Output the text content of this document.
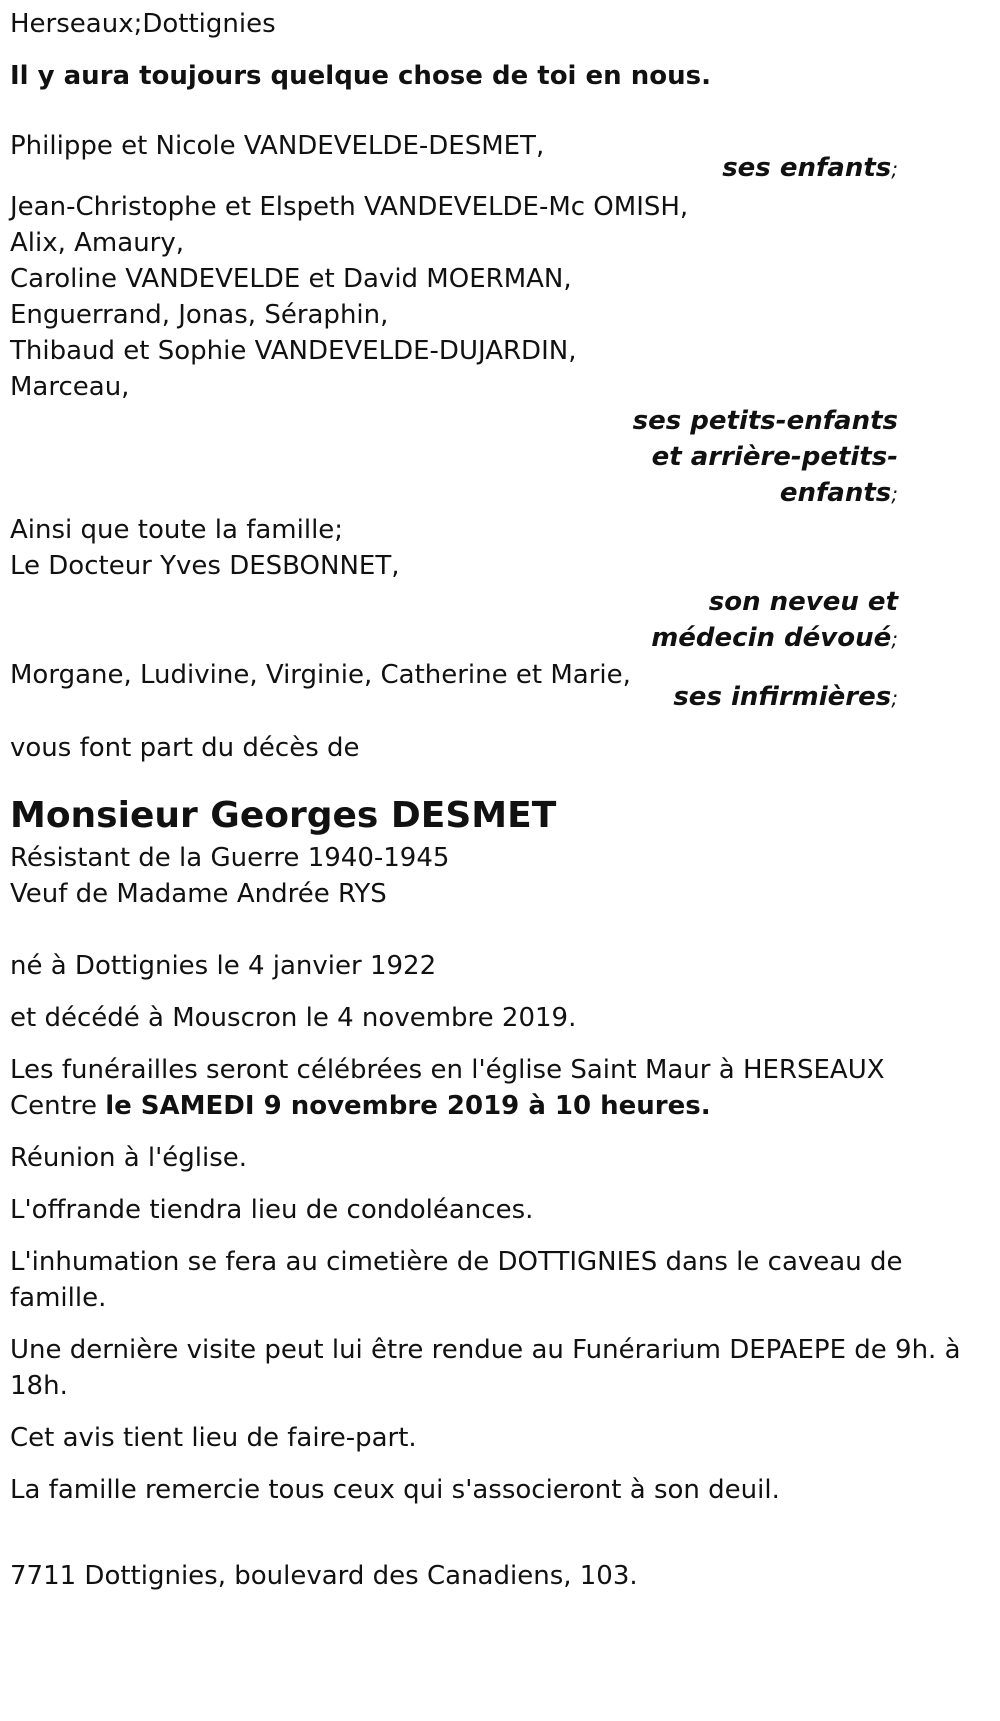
Herseaux;Dottignies

Il y aura toujours quelque chose de toi en nous.

Philippe et Nicole VANDEVELDE-DESMET,

ses enfants;

Jean-Christophe et Elspeth VANDEVELDE-Mc OMISH,

Alix, Amaury,

Caroline VANDEVELDE et David MOERMAN,

Enguerrand, Jonas, Séraphin,

Thibaud et Sophie VANDEVELDE-DUJARDIN,

Marceau,

ses petits-enfants

et arrière-petits-

enfants;

Ainsi que toute la famille;

Le Docteur Yves DESBONNET,

son neveu et

médecin dévoué;

Morgane, Ludivine, Virginie, Catherine et Marie,

ses infirmières;

vous font part du décès de

Monsieur Georges DESMET

Résistant de la Guerre 1940-1945

Veuf de Madame Andrée RYS

né à Dottignies le 4 janvier 1922

et décédé à Mouscron le 4 novembre 2019.

Les funérailles seront célébrées en l'église Saint Maur à HERSEAUX

Centre le SAMEDI 9 novembre 2019 à 10 heures.

Réunion à l'église.

L'offrande tiendra lieu de condoléances.

L'inhumation se fera au cimetière de DOTTIGNIES dans le caveau de

famille.

Une dernière visite peut lui être rendue au Funérarium DEPAEPE de 9h. à

18h.

Cet avis tient lieu de faire-part.

La famille remercie tous ceux qui s'associeront à son deuil.

7711 Dottignies, boulevard des Canadiens, 103.
